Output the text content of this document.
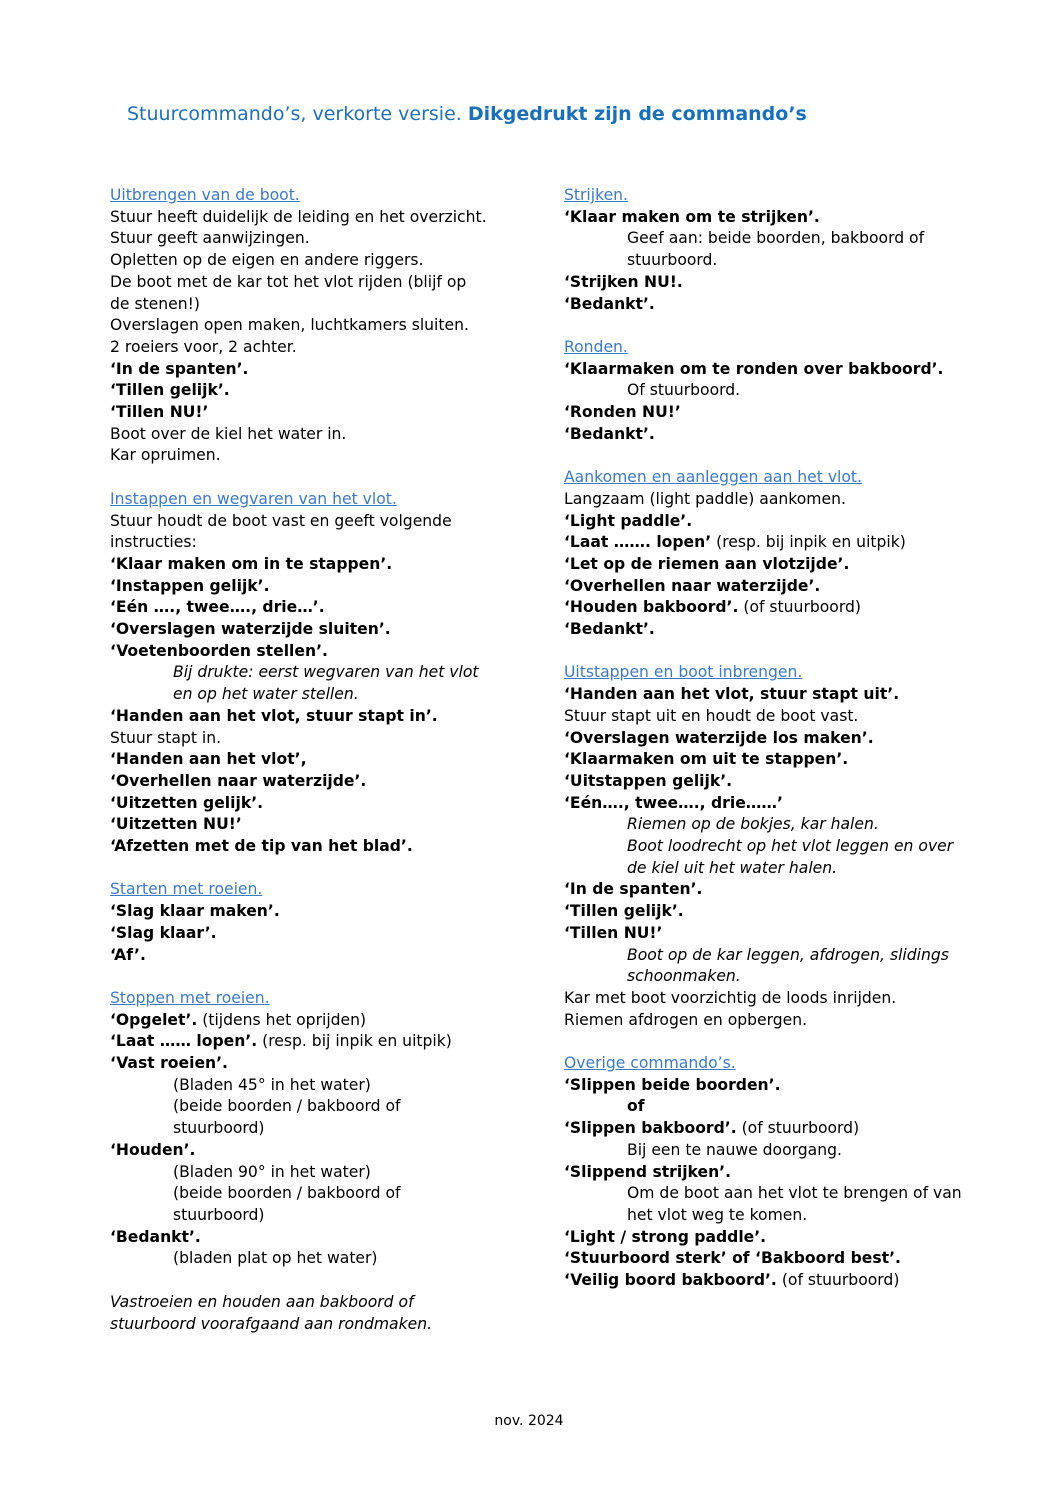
Stuurcommando’s, verkorte versie. Dikgedrukt zijn de commando’s
Uitbrengen van de boot.
Stuur heeft duidelijk de leiding en het overzicht.
Stuur geeft aanwijzingen.
Opletten op de eigen en andere riggers.
De boot met de kar tot het vlot rijden (blijf op
de stenen!)
Overslagen open maken, luchtkamers sluiten.
2 roeiers voor, 2 achter.
‘In de spanten’.
‘Tillen gelijk’.
‘Tillen NU!’
Boot over de kiel het water in.
Kar opruimen.
Instappen en wegvaren van het vlot.
Stuur houdt de boot vast en geeft volgende
instructies:
‘Klaar maken om in te stappen’.
‘Instappen gelijk’.
‘Eén …., twee…., drie…’.
‘Overslagen waterzijde sluiten’.
‘Voetenboorden stellen’.
Bij drukte: eerst wegvaren van het vlot
en op het water stellen.
‘Handen aan het vlot, stuur stapt in’.
Stuur stapt in.
‘Handen aan het vlot’,
‘Overhellen naar waterzijde’.
‘Uitzetten gelijk’.
‘Uitzetten NU!’
‘Afzetten met de tip van het blad’.
Starten met roeien.
‘Slag klaar maken’.
‘Slag klaar’.
‘Af’.
Stoppen met roeien.
‘Opgelet’. (tijdens het oprijden)
‘Laat …… lopen’. (resp. bij inpik en uitpik)
‘Vast roeien’.
(Bladen 45° in het water)
(beide boorden / bakboord of
stuurboord)
‘Houden’.
(Bladen 90° in het water)
(beide boorden / bakboord of
stuurboord)
‘Bedankt’.
(bladen plat op het water)
Vastroeien en houden aan bakboord of
stuurboord voorafgaand aan rondmaken.
Strijken.
‘Klaar maken om te strijken’.
Geef aan: beide boorden, bakboord of
stuurboord.
‘Strijken NU!.
‘Bedankt’.
Ronden.
‘Klaarmaken om te ronden over bakboord’.
Of stuurboord.
‘Ronden NU!’
‘Bedankt’.
Aankomen en aanleggen aan het vlot.
Langzaam (light paddle) aankomen.
‘Light paddle’.
‘Laat ……. lopen’ (resp. bij inpik en uitpik)
‘Let op de riemen aan vlotzijde’.
‘Overhellen naar waterzijde’.
‘Houden bakboord’. (of stuurboord)
‘Bedankt’.
Uitstappen en boot inbrengen.
‘Handen aan het vlot, stuur stapt uit’.
Stuur stapt uit en houdt de boot vast.
‘Overslagen waterzijde los maken’.
‘Klaarmaken om uit te stappen’.
‘Uitstappen gelijk’.
‘Eén…., twee…., drie……’
Riemen op de bokjes, kar halen.
Boot loodrecht op het vlot leggen en over
de kiel uit het water halen.
‘In de spanten’.
‘Tillen gelijk’.
‘Tillen NU!’
Boot op de kar leggen, afdrogen, slidings
schoonmaken.
Kar met boot voorzichtig de loods inrijden.
Riemen afdrogen en opbergen.
Overige commando’s.
‘Slippen beide boorden’.
of
‘Slippen bakboord’. (of stuurboord)
Bij een te nauwe doorgang.
‘Slippend strijken’.
Om de boot aan het vlot te brengen of van
het vlot weg te komen.
‘Light / strong paddle’.
‘Stuurboord sterk’ of ‘Bakboord best’.
‘Veilig boord bakboord’. (of stuurboord)
nov. 2024
